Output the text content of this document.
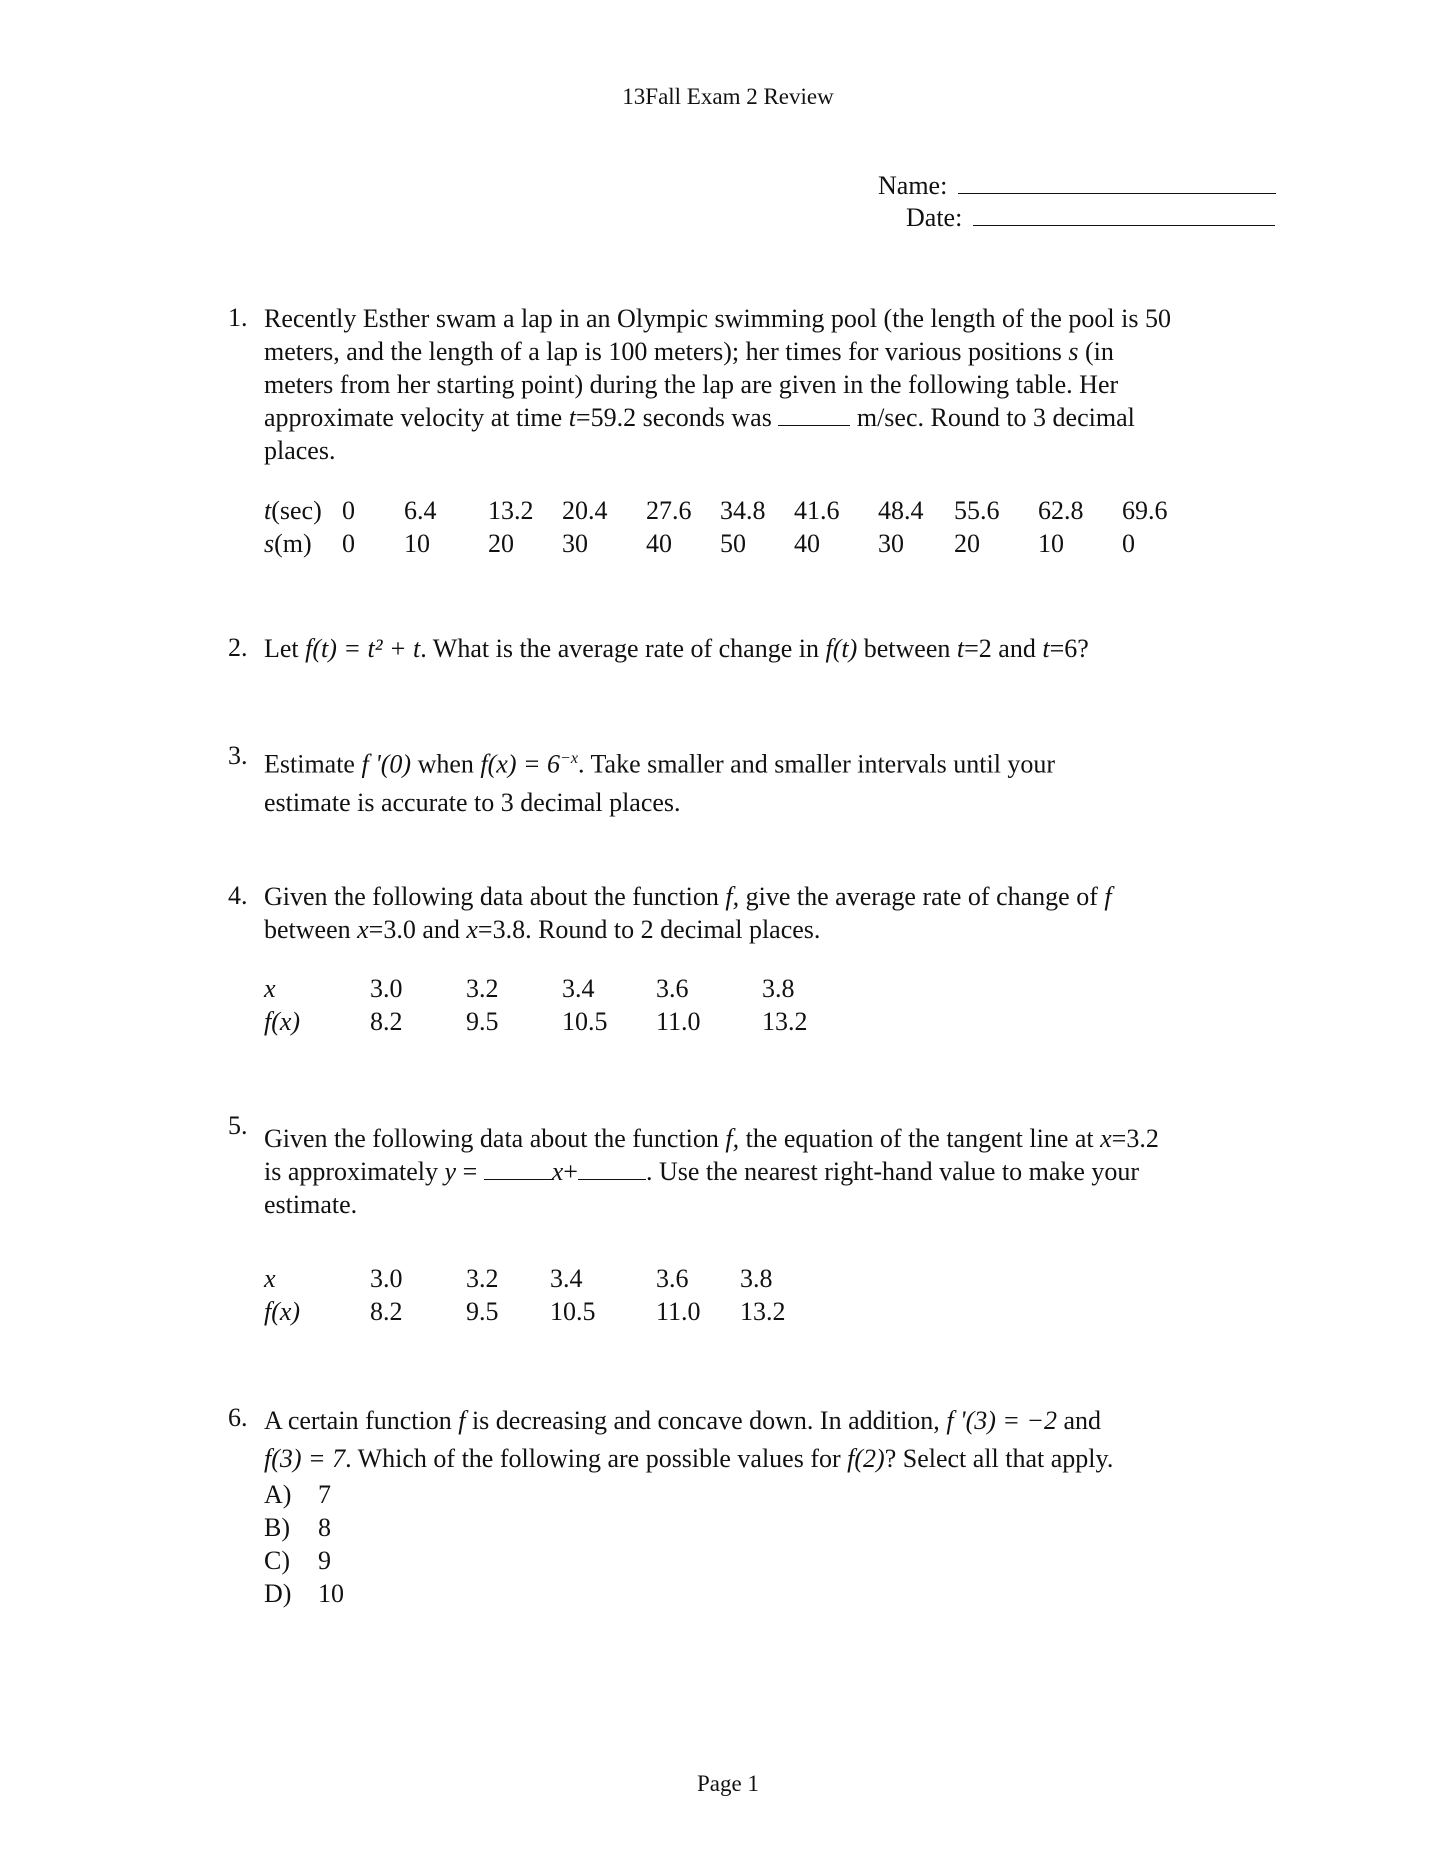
13Fall Exam 2 Review
Name:
Date:
1. Recently Esther swam a lap in an Olympic swimming pool (the length of the pool is 50
meters, and the length of a lap is 100 meters); her times for various positions s (in
meters from her starting point) during the lap are given in the following table. Her
approximate velocity at time t=59.2 seconds was	m/sec. Round to 3 decimal
places.
t(sec)	0	6.4	13.2	20.4	27.6	34.8	41.6	48.4	55.6	62.8	69.6
s(m)	0	10	20	30	40	50	40	30	20	10	0
2. Let f(t) = t² + t. What is the average rate of change in f(t) between t=2 and t=6?
3. Estimate f '(0) when $f(x) = 6^{-x}$. Take smaller and smaller intervals until your
estimate is accurate to 3 decimal places.
4. Given the following data about the function f, give the average rate of change of f
between x=3.0 and x=3.8. Round to 2 decimal places.
x	3.0	3.2	3.4	3.6	3.8
f(x)	8.2	9.5	10.5	11.0	13.2
5. Given the following data about the function f, the equation of the tangent line at x=3.2
is approximately y =	x+	. Use the nearest right-hand value to make your
estimate.
x	3.0	3.2	3.4	3.6	3.8
f(x)	8.2	9.5	10.5	11.0	13.2
6. A certain function f is decreasing and concave down. In addition, f '(3) = −2 and
f(3) = 7. Which of the following are possible values for f(2)? Select all that apply.
A) 7
B) 8
C) 9
D) 10
Page 1
